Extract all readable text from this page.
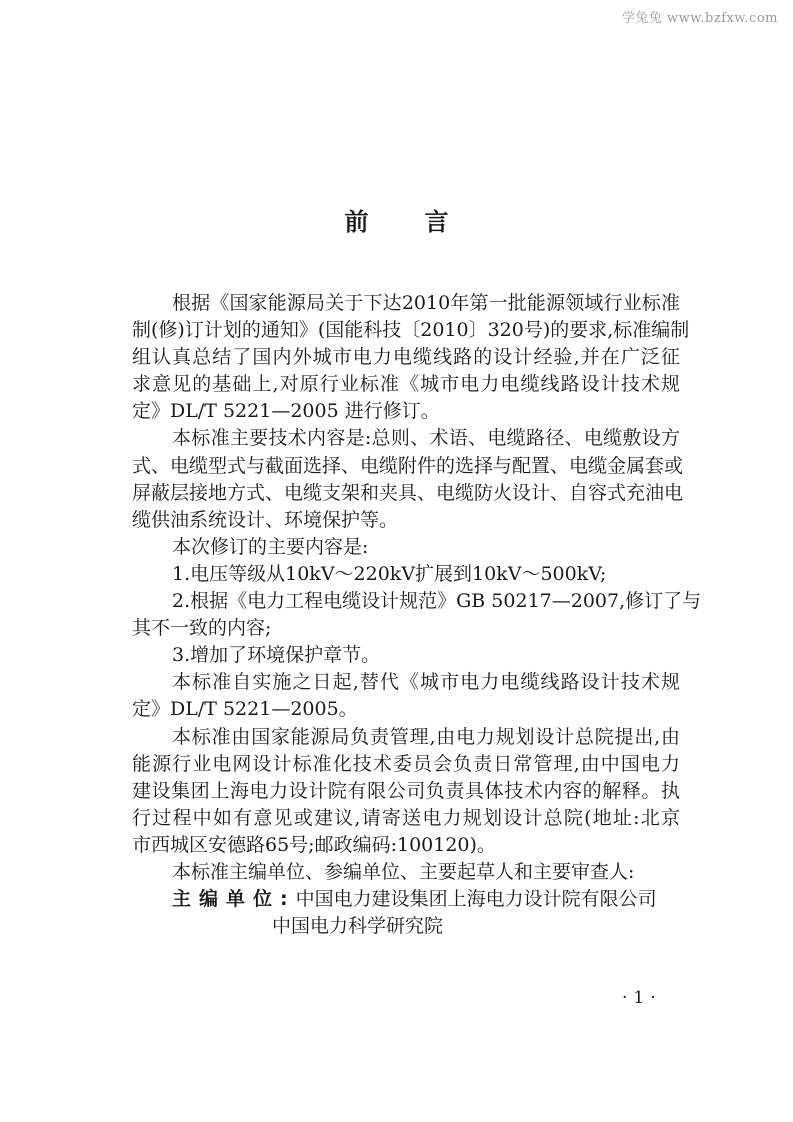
学兔兔 www.bzfxw.com
前言
根据《国家能源局关于下达2010年第一批能源领域行业标准
制(修)订计划的通知》(国能科技〔2010〕320号)的要求,标准编制
组认真总结了国内外城市电力电缆线路的设计经验,并在广泛征
求意见的基础上,对原行业标准《城市电力电缆线路设计技术规
定》DL/T 5221—2005 进行修订。
本标准主要技术内容是:总则、术语、电缆路径、电缆敷设方
式、电缆型式与截面选择、电缆附件的选择与配置、电缆金属套或
屏蔽层接地方式、电缆支架和夹具、电缆防火设计、自容式充油电
缆供油系统设计、环境保护等。
本次修订的主要内容是:
1.电压等级从10kV～220kV扩展到10kV～500kV;
2.根据《电力工程电缆设计规范》GB 50217—2007,修订了与
其不一致的内容;
3.增加了环境保护章节。
本标准自实施之日起,替代《城市电力电缆线路设计技术规
定》DL/T 5221—2005。
本标准由国家能源局负责管理,由电力规划设计总院提出,由
能源行业电网设计标准化技术委员会负责日常管理,由中国电力
建设集团上海电力设计院有限公司负责具体技术内容的解释。执
行过程中如有意见或建议,请寄送电力规划设计总院(地址:北京
市西城区安德路65号;邮政编码:100120)。
本标准主编单位、参编单位、主要起草人和主要审查人:
主编单位:中国电力建设集团上海电力设计院有限公司
中国电力科学研究院
·1·
